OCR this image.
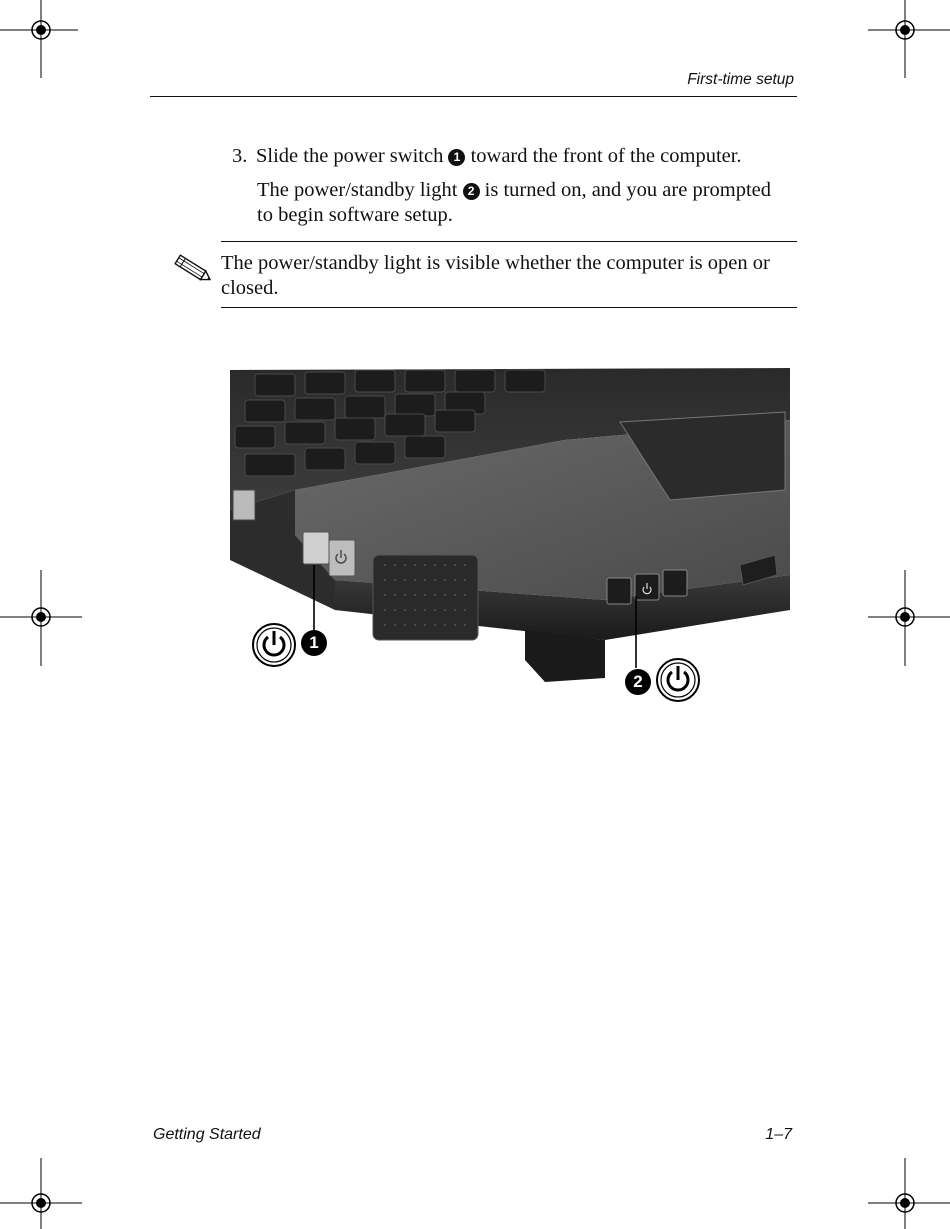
First-time setup
3. Slide the power switch 1 toward the front of the computer.
The power/standby light 2 is turned on, and you are prompted to begin software setup.
The power/standby light is visible whether the computer is open or closed.
1
2
Getting Started	1–7
